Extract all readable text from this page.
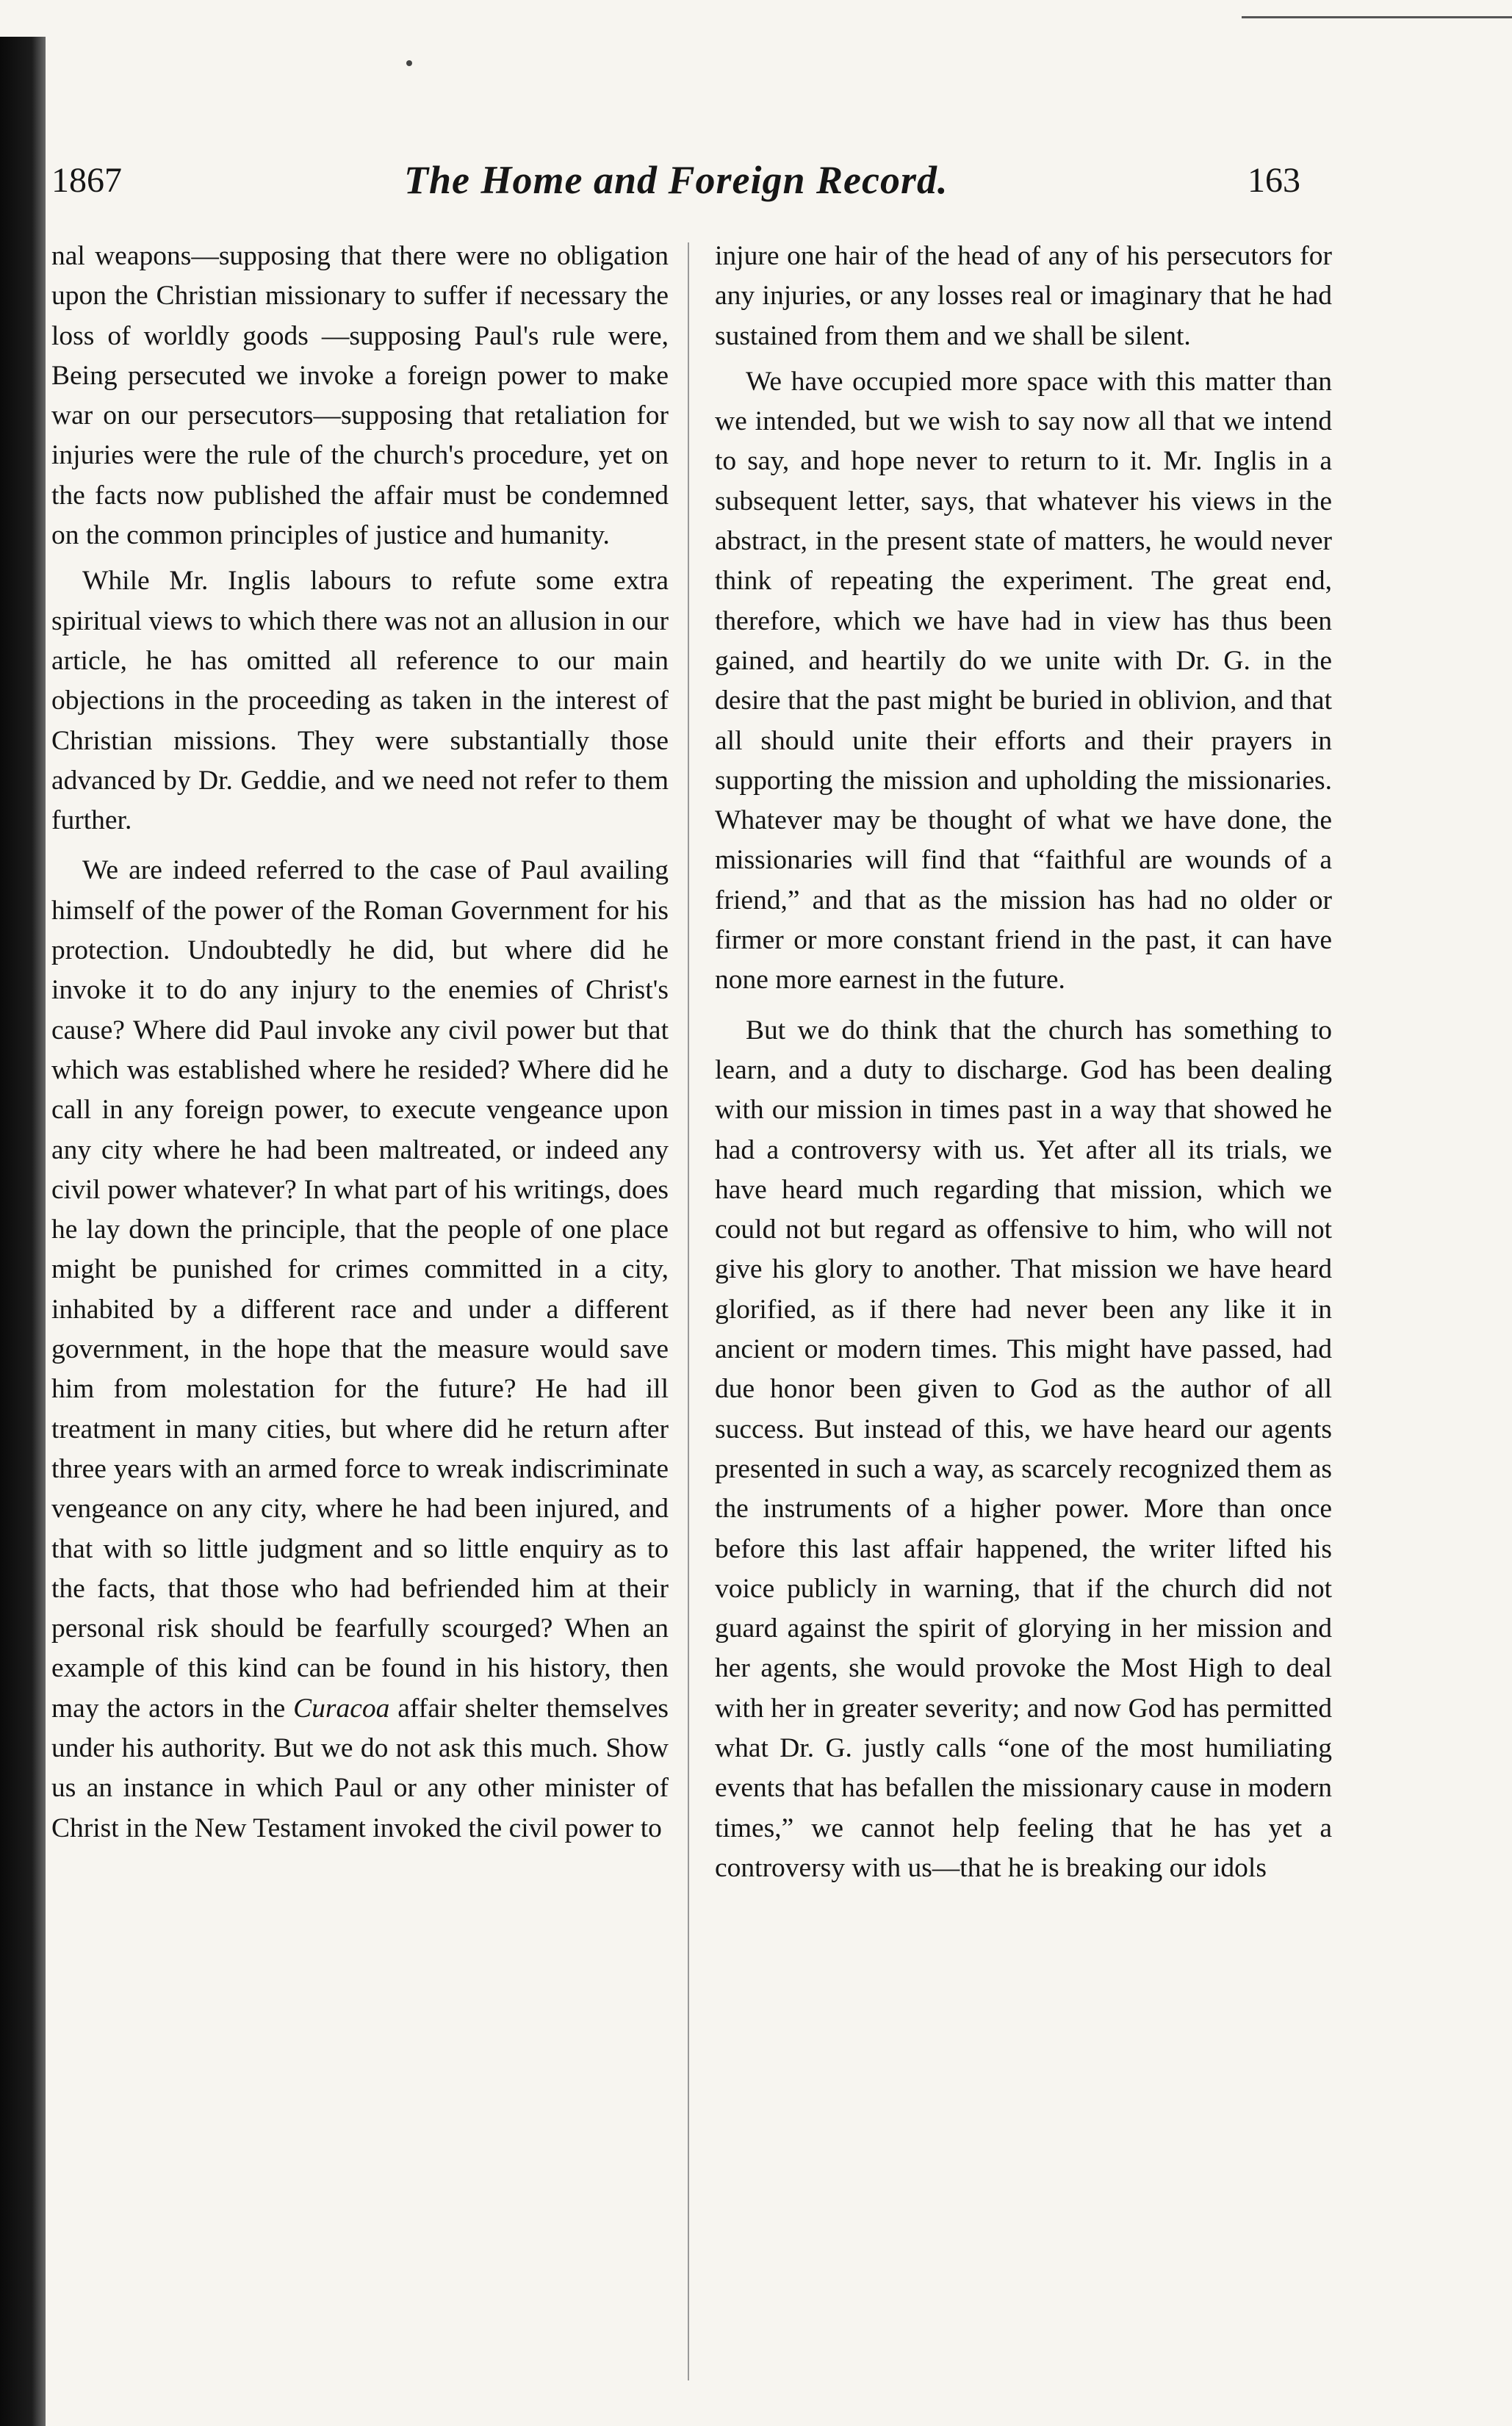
1867	The Home and Foreign Record.	163

nal weapons—supposing that there were no obligation upon the Christian missionary to suffer if necessary the loss of worldly goods —supposing Paul's rule were, Being persecuted we invoke a foreign power to make war on our persecutors—supposing that retaliation for injuries were the rule of the church's procedure, yet on the facts now published the affair must be condemned on the common principles of justice and humanity.

While Mr. Inglis labours to refute some extra spiritual views to which there was not an allusion in our article, he has omitted all reference to our main objections in the proceeding as taken in the interest of Christian missions. They were substantially those advanced by Dr. Geddie, and we need not refer to them further.

We are indeed referred to the case of Paul availing himself of the power of the Roman Government for his protection. Undoubtedly he did, but where did he invoke it to do any injury to the enemies of Christ's cause? Where did Paul invoke any civil power but that which was established where he resided? Where did he call in any foreign power, to execute vengeance upon any city where he had been maltreated, or indeed any civil power whatever? In what part of his writings, does he lay down the principle, that the people of one place might be punished for crimes committed in a city, inhabited by a different race and under a different government, in the hope that the measure would save him from molestation for the future? He had ill treatment in many cities, but where did he return after three years with an armed force to wreak indiscriminate vengeance on any city, where he had been injured, and that with so little judgment and so little enquiry as to the facts, that those who had befriended him at their personal risk should be fearfully scourged? When an example of this kind can be found in his history, then may the actors in the Curacoa affair shelter themselves under his authority. But we do not ask this much. Show us an instance in which Paul or any other minister of Christ in the New Testament invoked the civil power to

injure one hair of the head of any of his persecutors for any injuries, or any losses real or imaginary that he had sustained from them and we shall be silent.

We have occupied more space with this matter than we intended, but we wish to say now all that we intend to say, and hope never to return to it. Mr. Inglis in a subsequent letter, says, that whatever his views in the abstract, in the present state of matters, he would never think of repeating the experiment. The great end, therefore, which we have had in view has thus been gained, and heartily do we unite with Dr. G. in the desire that the past might be buried in oblivion, and that all should unite their efforts and their prayers in supporting the mission and upholding the missionaries. Whatever may be thought of what we have done, the missionaries will find that “faithful are wounds of a friend,” and that as the mission has had no older or firmer or more constant friend in the past, it can have none more earnest in the future.

But we do think that the church has something to learn, and a duty to discharge. God has been dealing with our mission in times past in a way that showed he had a controversy with us. Yet after all its trials, we have heard much regarding that mission, which we could not but regard as offensive to him, who will not give his glory to another. That mission we have heard glorified, as if there had never been any like it in ancient or modern times. This might have passed, had due honor been given to God as the author of all success. But instead of this, we have heard our agents presented in such a way, as scarcely recognized them as the instruments of a higher power. More than once before this last affair happened, the writer lifted his voice publicly in warning, that if the church did not guard against the spirit of glorying in her mission and her agents, she would provoke the Most High to deal with her in greater severity; and now God has permitted what Dr. G. justly calls “one of the most humiliating events that has befallen the missionary cause in modern times,” we cannot help feeling that he has yet a controversy with us—that he is breaking our idols
